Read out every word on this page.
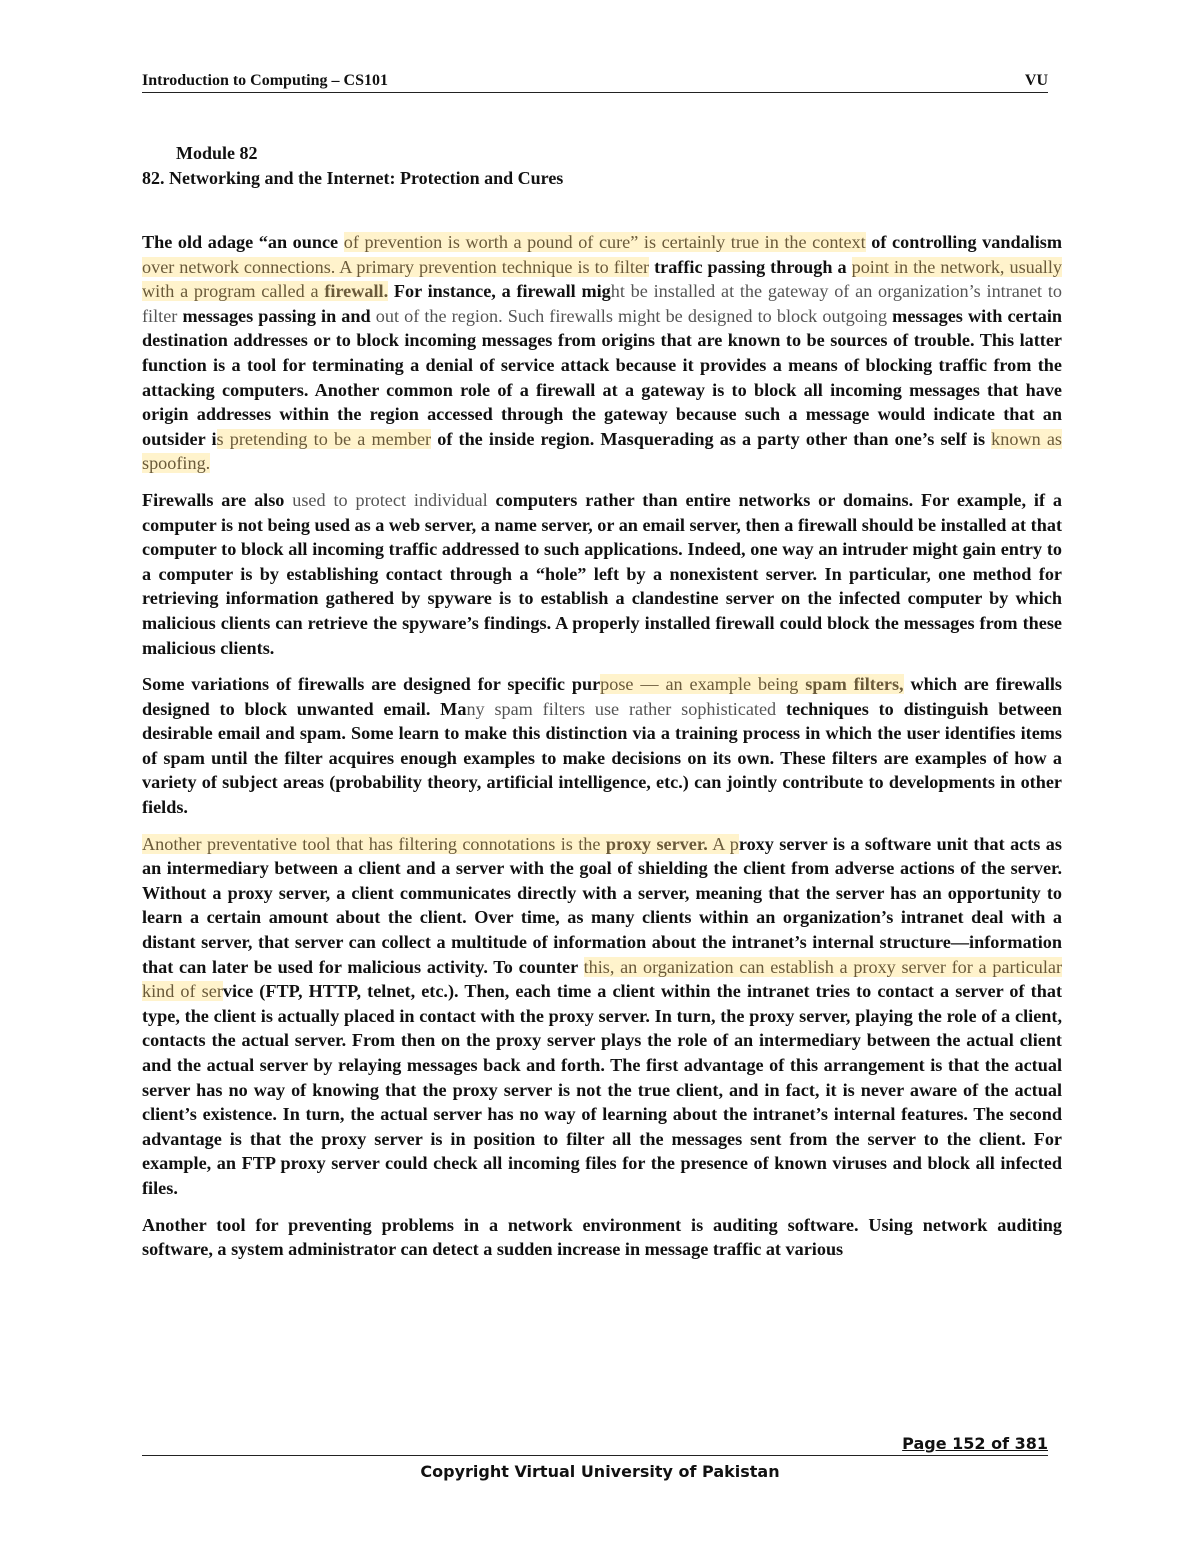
Introduction to Computing – CS101	VU
Module 82
82. Networking and the Internet: Protection and Cures

The old adage “an ounce of prevention is worth a pound of cure” is certainly true in the context of controlling vandalism over network connections. A primary prevention technique is to filter traffic passing through a point in the network, usually with a program called a firewall. For instance, a firewall might be installed at the gateway of an organization’s intranet to filter messages passing in and out of the region. Such firewalls might be designed to block outgoing messages with certain destination addresses or to block incoming messages from origins that are known to be sources of trouble. This latter function is a tool for terminating a denial of service attack because it provides a means of blocking traffic from the attacking computers. Another common role of a firewall at a gateway is to block all incoming messages that have origin addresses within the region accessed through the gateway because such a message would indicate that an outsider is pretending to be a member of the inside region. Masquerading as a party other than one’s self is known as spoofing.

Firewalls are also used to protect individual computers rather than entire networks or domains. For example, if a computer is not being used as a web server, a name server, or an email server, then a firewall should be installed at that computer to block all incoming traffic addressed to such applications. Indeed, one way an intruder might gain entry to a computer is by establishing contact through a “hole” left by a nonexistent server. In particular, one method for retrieving information gathered by spyware is to establish a clandestine server on the infected computer by which malicious clients can retrieve the spyware’s findings. A properly installed firewall could block the messages from these malicious clients.

Some variations of firewalls are designed for specific purpose — an example being spam filters, which are firewalls designed to block unwanted email. Many spam filters use rather sophisticated techniques to distinguish between desirable email and spam. Some learn to make this distinction via a training process in which the user identifies items of spam until the filter acquires enough examples to make decisions on its own. These filters are examples of how a variety of subject areas (probability theory, artificial intelligence, etc.) can jointly contribute to developments in other fields.

Another preventative tool that has filtering connotations is the proxy server. A proxy server is a software unit that acts as an intermediary between a client and a server with the goal of shielding the client from adverse actions of the server. Without a proxy server, a client communicates directly with a server, meaning that the server has an opportunity to learn a certain amount about the client. Over time, as many clients within an organization’s intranet deal with a distant server, that server can collect a multitude of information about the intranet’s internal structure—information that can later be used for malicious activity. To counter this, an organization can establish a proxy server for a particular kind of service (FTP, HTTP, telnet, etc.). Then, each time a client within the intranet tries to contact a server of that type, the client is actually placed in contact with the proxy server. In turn, the proxy server, playing the role of a client, contacts the actual server. From then on the proxy server plays the role of an intermediary between the actual client and the actual server by relaying messages back and forth. The first advantage of this arrangement is that the actual server has no way of knowing that the proxy server is not the true client, and in fact, it is never aware of the actual client’s existence. In turn, the actual server has no way of learning about the intranet’s internal features. The second advantage is that the proxy server is in position to filter all the messages sent from the server to the client. For example, an FTP proxy server could check all incoming files for the presence of known viruses and block all infected files.

Another tool for preventing problems in a network environment is auditing software. Using network auditing software, a system administrator can detect a sudden increase in message traffic at various

Page 152 of 381
Copyright Virtual University of Pakistan
